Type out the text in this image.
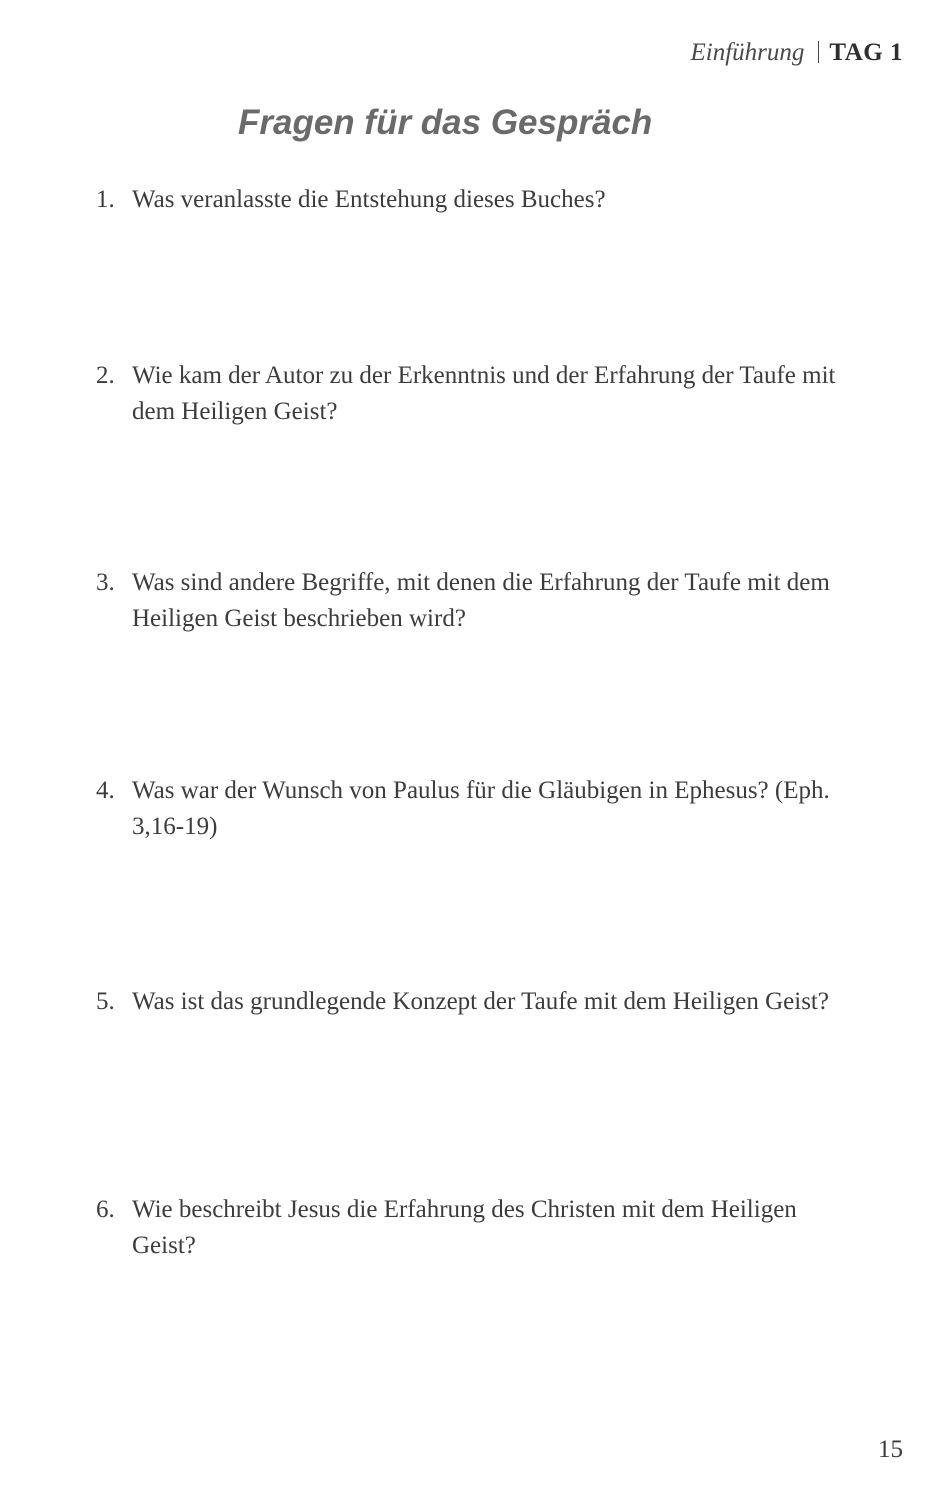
Einführung TAG 1
Fragen für das Gespräch
1. Was veranlasste die Entstehung dieses Buches?
2. Wie kam der Autor zu der Erkenntnis und der Erfahrung der Taufe mit dem Heiligen Geist?
3. Was sind andere Begriffe, mit denen die Erfahrung der Taufe mit dem Heiligen Geist beschrieben wird?
4. Was war der Wunsch von Paulus für die Gläubigen in Ephesus? (Eph. 3,16-19)
5. Was ist das grundlegende Konzept der Taufe mit dem Heiligen Geist?
6. Wie beschreibt Jesus die Erfahrung des Christen mit dem Heiligen Geist?
15
